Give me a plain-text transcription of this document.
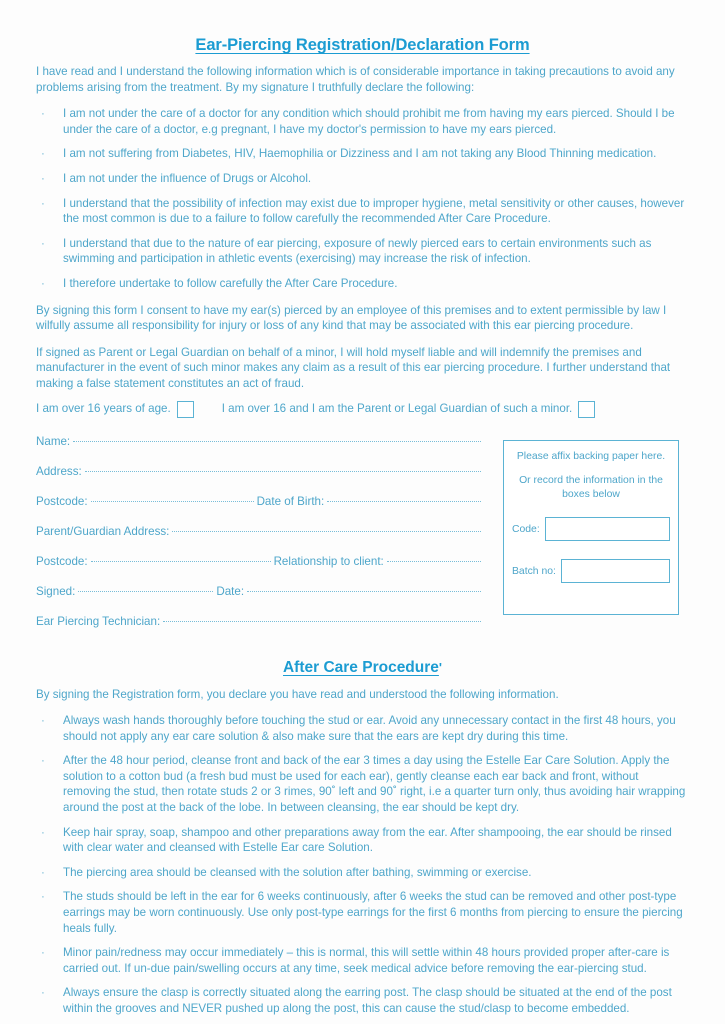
Ear-Piercing Registration/Declaration Form

I have read and I understand the following information which is of considerable importance in taking precautions to avoid any problems arising from the treatment. By my signature I truthfully declare the following:

· I am not under the care of a doctor for any condition which should prohibit me from having my ears pierced. Should I be under the care of a doctor, e.g pregnant, I have my doctor's permission to have my ears pierced.
· I am not suffering from Diabetes, HIV, Haemophilia or Dizziness and I am not taking any Blood Thinning medication.
· I am not under the influence of Drugs or Alcohol.
· I understand that the possibility of infection may exist due to improper hygiene, metal sensitivity or other causes, however the most common is due to a failure to follow carefully the recommended After Care Procedure.
· I understand that due to the nature of ear piercing, exposure of newly pierced ears to certain environments such as swimming and participation in athletic events (exercising) may increase the risk of infection.
· I therefore undertake to follow carefully the After Care Procedure.

By signing this form I consent to have my ear(s) pierced by an employee of this premises and to extent permissible by law I wilfully assume all responsibility for injury or loss of any kind that may be associated with this ear piercing procedure.

If signed as Parent or Legal Guardian on behalf of a minor, I will hold myself liable and will indemnify the premises and manufacturer in the event of such minor makes any claim as a result of this ear piercing procedure. I further understand that making a false statement constitutes an act of fraud.

I am over 16 years of age.	I am over 16 and I am the Parent or Legal Guardian of such a minor.
Name:
Address:
Postcode:	Date of Birth:
Parent/Guardian Address:
Postcode:	Relationship to client:
Signed:	Date:
Ear Piercing Technician:

Please affix backing paper here.

Or record the information in the boxes below

Code:
Batch no:
After Care Procedure'

By signing the Registration form, you declare you have read and understood the following information.

· Always wash hands thoroughly before touching the stud or ear. Avoid any unnecessary contact in the first 48 hours, you should not apply any ear care solution & also make sure that the ears are kept dry during this time.
· After the 48 hour period, cleanse front and back of the ear 3 times a day using the Estelle Ear Care Solution. Apply the solution to a cotton bud (a fresh bud must be used for each ear), gently cleanse each ear back and front, without removing the stud, then rotate studs 2 or 3 rimes, 90˚ left and 90˚ right, i.e a quarter turn only, thus avoiding hair wrapping around the post at the back of the lobe. In between cleansing, the ear should be kept dry.
· Keep hair spray, soap, shampoo and other preparations away from the ear. After shampooing, the ear should be rinsed with clear water and cleansed with Estelle Ear care Solution.
· The piercing area should be cleansed with the solution after bathing, swimming or exercise.
· The studs should be left in the ear for 6 weeks continuously, after 6 weeks the stud can be removed and other post-type earrings may be worn continuously. Use only post-type earrings for the first 6 months from piercing to ensure the piercing heals fully.
· Minor pain/redness may occur immediately – this is normal, this will settle within 48 hours provided proper after-care is carried out. If un-due pain/swelling occurs at any time, seek medical advice before removing the ear-piercing stud.
· Always ensure the clasp is correctly situated along the earring post. The clasp should be situated at the end of the post within the grooves and NEVER pushed up along the post, this can cause the stud/clasp to become embedded.
